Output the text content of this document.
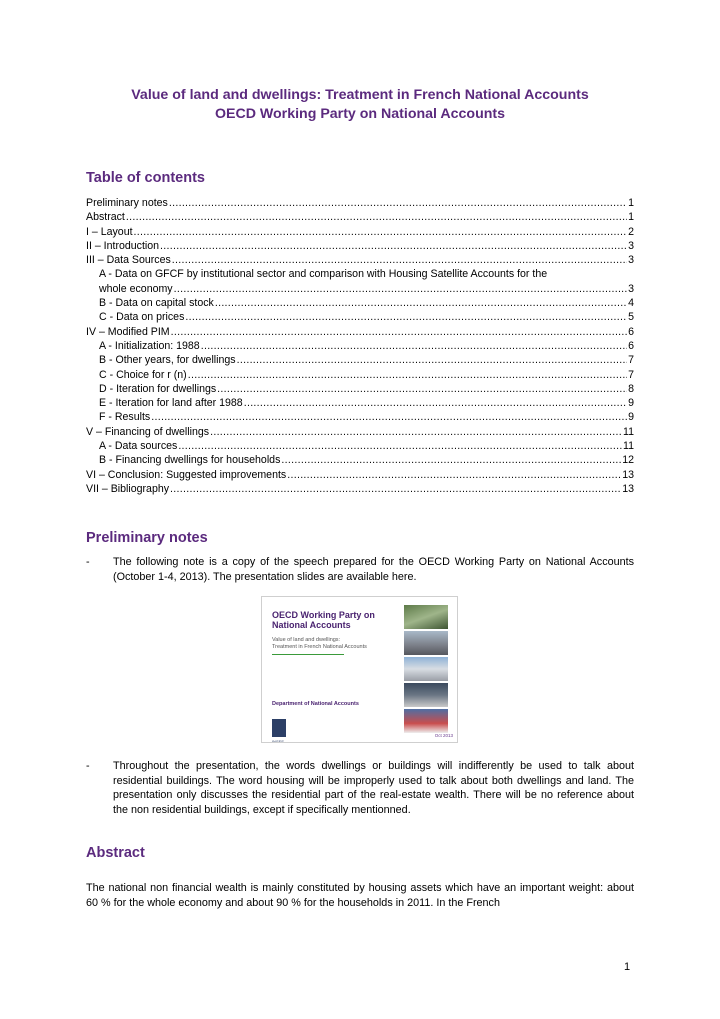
Value of land and dwellings: Treatment in French National Accounts
OECD Working Party on National Accounts
Table of contents
Preliminary notes .....	1
Abstract .....	1
I – Layout .....	2
II – Introduction .....	3
III – Data Sources .....	3
A - Data on GFCF by institutional sector and comparison with Housing Satellite Accounts for the
whole economy .....	3
B - Data on capital stock .....	4
C - Data on prices .....	5
IV – Modified PIM .....	6
A - Initialization: 1988 .....	6
B - Other years, for dwellings .....	7
C - Choice for r (n) .....	7
D - Iteration for dwellings .....	8
E - Iteration for land after 1988 .....	9
F - Results .....	9
V – Financing of dwellings .....	11
A - Data sources .....	11
B - Financing dwellings for households .....	12
VI – Conclusion: Suggested improvements .....	13
VII – Bibliography .....	13
Preliminary notes
-	The following note is a copy of the speech prepared for the OECD Working Party on National Accounts (October 1-4, 2013). The presentation slides are available here.
OECD Working Party on National Accounts
Value of land and dwellings:
Treatment in French National Accounts
Department of National Accounts
INSEE
Oct 2013
-	Throughout the presentation, the words dwellings or buildings will indifferently be used to talk about residential buildings. The word housing will be improperly used to talk about both dwellings and land. The presentation only discusses the residential part of the real-estate wealth. There will be no reference about the non residential buildings, except if specifically mentionned.
Abstract
The national non financial wealth is mainly constituted by housing assets which have an important weight: about 60 % for the whole economy and about 90 % for the households in 2011. In the French
1
